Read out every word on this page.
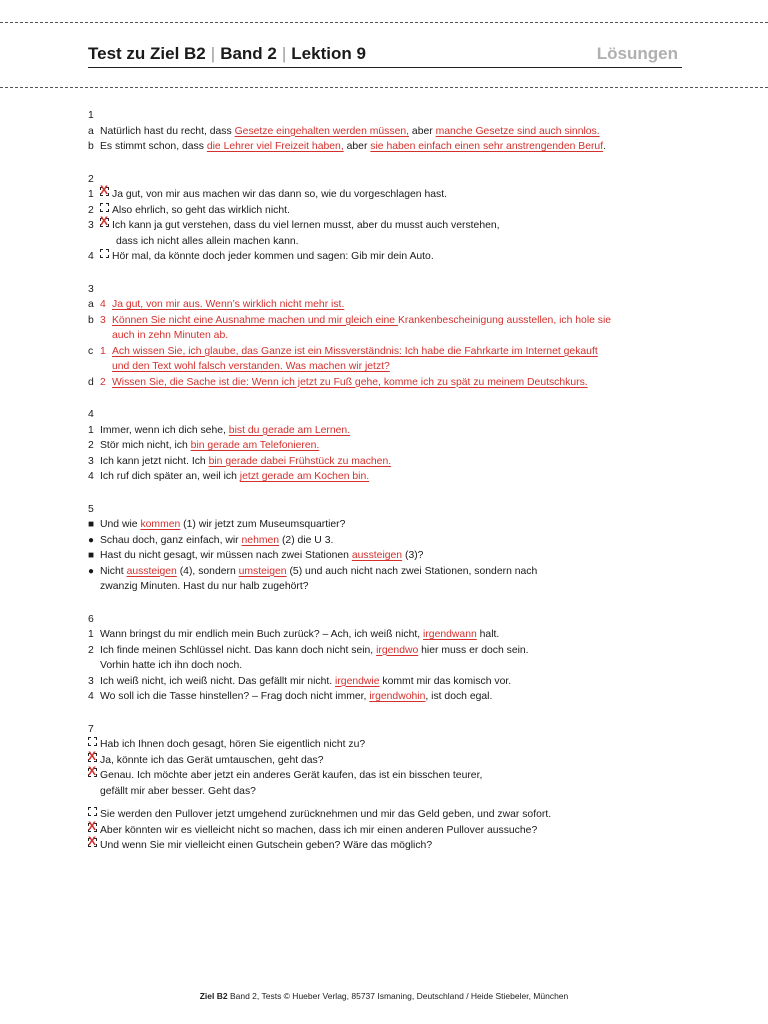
Test zu Ziel B2 | Band 2 | Lektion 9	Lösungen
1
a Natürlich hast du recht, dass Gesetze eingehalten werden müssen, aber manche Gesetze sind auch sinnlos.
b Es stimmt schon, dass die Lehrer viel Freizeit haben, aber sie haben einfach einen sehr anstrengenden Beruf.
2
1 X	Ja gut, von mir aus machen wir das dann so, wie du vorgeschlagen hast.
2	Also ehrlich, so geht das wirklich nicht.
3 X	Ich kann ja gut verstehen, dass du viel lernen musst, aber du musst auch verstehen,
dass ich nicht alles allein machen kann.
4	Hör mal, da könnte doch jeder kommen und sagen: Gib mir dein Auto.
3
a 4 Ja gut, von mir aus. Wenn’s wirklich nicht mehr ist.
b 3 Können Sie nicht eine Ausnahme machen und mir gleich eine Krankenbescheinigung ausstellen, ich hole sie
auch in zehn Minuten ab.
c 1 Ach wissen Sie, ich glaube, das Ganze ist ein Missverständnis: Ich habe die Fahrkarte im Internet gekauft
und den Text wohl falsch verstanden. Was machen wir jetzt?
d 2 Wissen Sie, die Sache ist die: Wenn ich jetzt zu Fuß gehe, komme ich zu spät zu meinem Deutschkurs.
4
1 Immer, wenn ich dich sehe, bist du gerade am Lernen.
2 Stör mich nicht, ich bin gerade am Telefonieren.
3 Ich kann jetzt nicht. Ich bin gerade dabei Frühstück zu machen.
4 Ich ruf dich später an, weil ich jetzt gerade am Kochen bin.
5
■ Und wie kommen (1) wir jetzt zum Museumsquartier?
● Schau doch, ganz einfach, wir nehmen (2) die U 3.
■ Hast du nicht gesagt, wir müssen nach zwei Stationen aussteigen (3)?
● Nicht aussteigen (4), sondern umsteigen (5) und auch nicht nach zwei Stationen, sondern nach
zwanzig Minuten. Hast du nur halb zugehört?
6
1 Wann bringst du mir endlich mein Buch zurück? – Ach, ich weiß nicht, irgendwann halt.
2 Ich finde meinen Schlüssel nicht. Das kann doch nicht sein, irgendwo hier muss er doch sein.
Vorhin hatte ich ihn doch noch.
3 Ich weiß nicht, ich weiß nicht. Das gefällt mir nicht. irgendwie kommt mir das komisch vor.
4 Wo soll ich die Tasse hinstellen? – Frag doch nicht immer, irgendwohin, ist doch egal.
7
Hab ich Ihnen doch gesagt, hören Sie eigentlich nicht zu?
X
Ja, könnte ich das Gerät umtauschen, geht das?
X
Genau. Ich möchte aber jetzt ein anderes Gerät kaufen, das ist ein bisschen teurer,
gefällt mir aber besser. Geht das?
Sie werden den Pullover jetzt umgehend zurücknehmen und mir das Geld geben, und zwar sofort.
X
Aber könnten wir es vielleicht nicht so machen, dass ich mir einen anderen Pullover aussuche?
X
Und wenn Sie mir vielleicht einen Gutschein geben? Wäre das möglich?
Ziel B2 Band 2, Tests © Hueber Verlag, 85737 Ismaning, Deutschland / Heide Stiebeler, München
